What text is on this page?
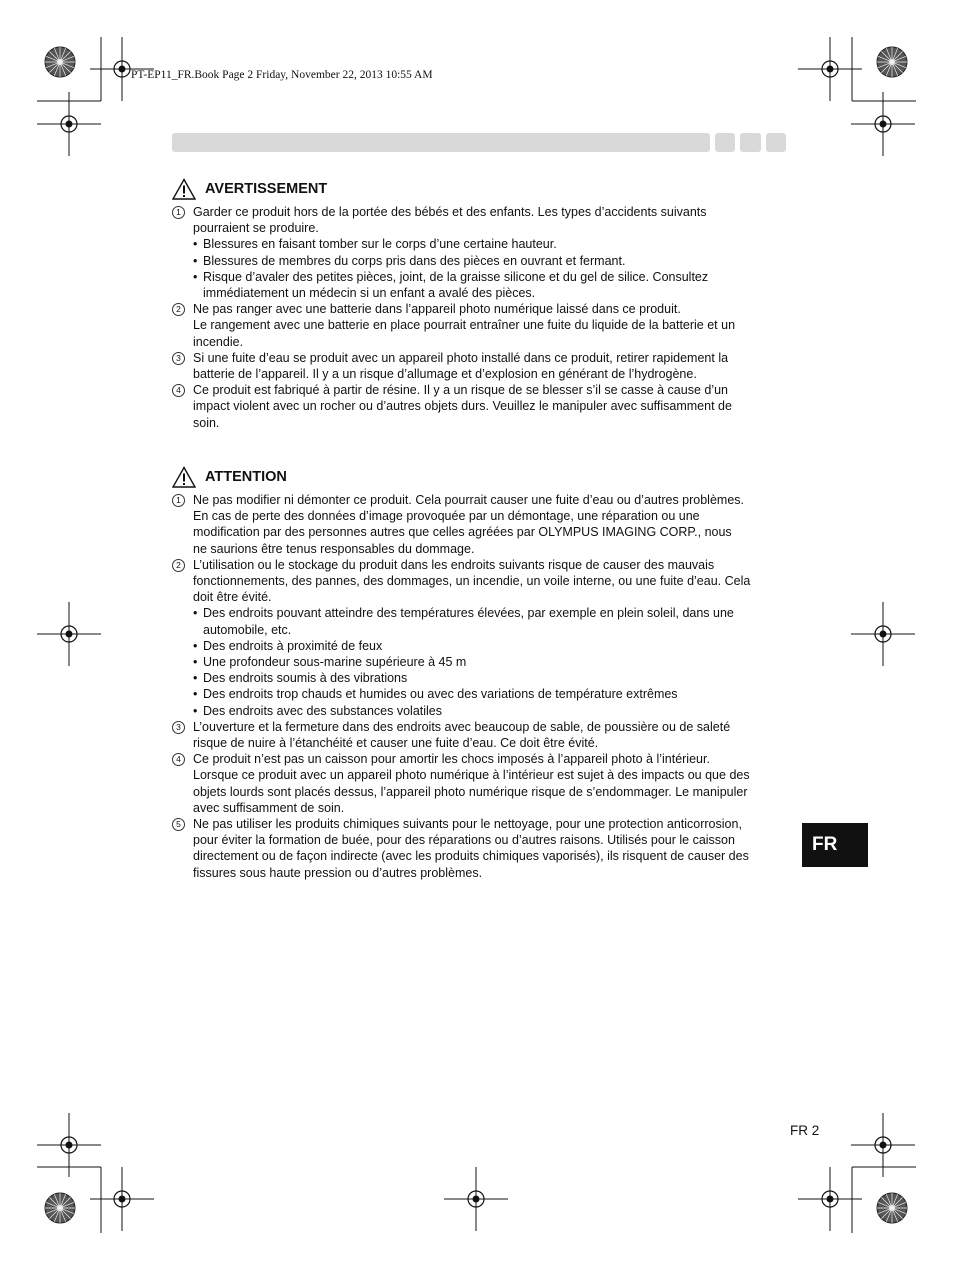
PT-EP11_FR.Book Page 2 Friday, November 22, 2013 10:55 AM
AVERTISSEMENT
1 Garder ce produit hors de la portée des bébés et des enfants. Les types d’accidents suivants
pourraient se produire.
• Blessures en faisant tomber sur le corps d’une certaine hauteur.
• Blessures de membres du corps pris dans des pièces en ouvrant et fermant.
• Risque d’avaler des petites pièces, joint, de la graisse silicone et du gel de silice. Consultez
immédiatement un médecin si un enfant a avalé des pièces.
2 Ne pas ranger avec une batterie dans l’appareil photo numérique laissé dans ce produit.
Le rangement avec une batterie en place pourrait entraîner une fuite du liquide de la batterie et un
incendie.
3 Si une fuite d’eau se produit avec un appareil photo installé dans ce produit, retirer rapidement la
batterie de l’appareil. Il y a un risque d’allumage et d’explosion en générant de l’hydrogène.
4 Ce produit est fabriqué à partir de résine. Il y a un risque de se blesser s’il se casse à cause d’un
impact violent avec un rocher ou d’autres objets durs. Veuillez le manipuler avec suffisamment de
soin.
ATTENTION
1 Ne pas modifier ni démonter ce produit. Cela pourrait causer une fuite d’eau ou d’autres problèmes.
En cas de perte des données d’image provoquée par un démontage, une réparation ou une
modification par des personnes autres que celles agréées par OLYMPUS IMAGING CORP., nous
ne saurions être tenus responsables du dommage.
2 L’utilisation ou le stockage du produit dans les endroits suivants risque de causer des mauvais
fonctionnements, des pannes, des dommages, un incendie, un voile interne, ou une fuite d’eau. Cela
doit être évité.
• Des endroits pouvant atteindre des températures élevées, par exemple en plein soleil, dans une
automobile, etc.
• Des endroits à proximité de feux
• Une profondeur sous-marine supérieure à 45 m
• Des endroits soumis à des vibrations
• Des endroits trop chauds et humides ou avec des variations de température extrêmes
• Des endroits avec des substances volatiles
3 L’ouverture et la fermeture dans des endroits avec beaucoup de sable, de poussière ou de saleté
risque de nuire à l’étanchéité et causer une fuite d’eau. Ce doit être évité.
4 Ce produit n’est pas un caisson pour amortir les chocs imposés à l’appareil photo à l’intérieur.
Lorsque ce produit avec un appareil photo numérique à l’intérieur est sujet à des impacts ou que des
objets lourds sont placés dessus, l’appareil photo numérique risque de s’endommager. Le manipuler
avec suffisamment de soin.
5 Ne pas utiliser les produits chimiques suivants pour le nettoyage, pour une protection anticorrosion,
pour éviter la formation de buée, pour des réparations ou d’autres raisons. Utilisés pour le caisson
directement ou de façon indirecte (avec les produits chimiques vaporisés), ils risquent de causer des
fissures sous haute pression ou d’autres problèmes.
FR
FR 2
